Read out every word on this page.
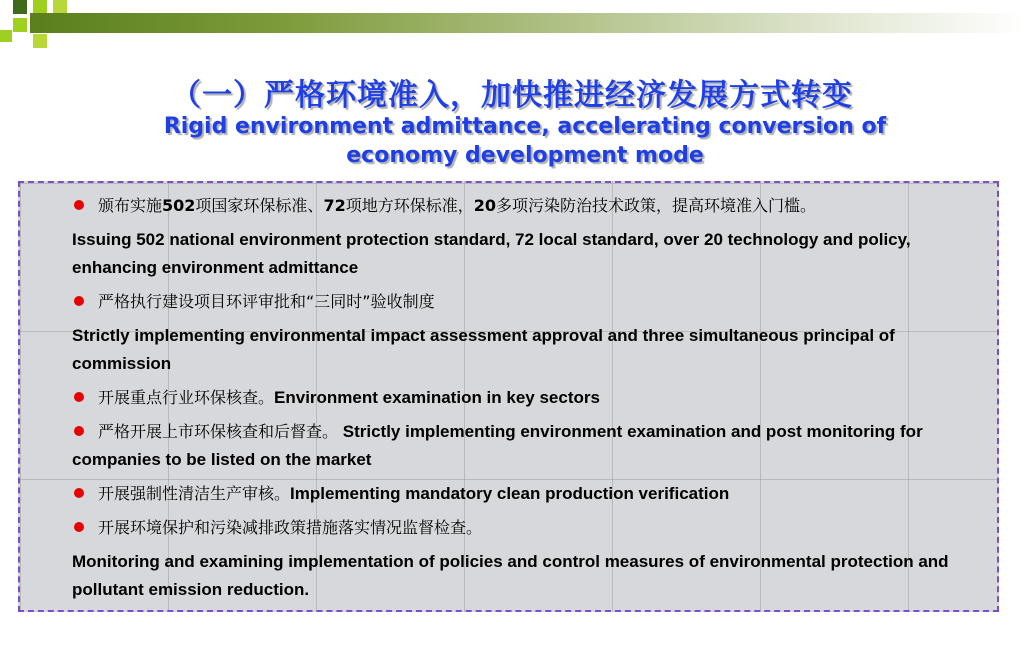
（一）严格环境准入，加快推进经济发展方式转变
Rigid environment admittance, accelerating conversion of economy development mode

颁布实施502项国家环保标准、72项地方环保标准，20多项污染防治技术政策，提高环境准入门槛。

Issuing 502 national environment protection standard, 72 local standard, over 20 technology and policy, enhancing environment admittance

严格执行建设项目环评审批和“三同时”验收制度

Strictly implementing environmental impact assessment approval and three simultaneous principal of commission

开展重点行业环保核查。Environment examination in key sectors

严格开展上市环保核查和后督查。 Strictly implementing environment examination and post monitoring for companies to be listed on the market

开展强制性清洁生产审核。Implementing mandatory clean production verification

开展环境保护和污染减排政策措施落实情况监督检查。

Monitoring and examining implementation of policies and control measures of environmental protection and pollutant emission reduction.
